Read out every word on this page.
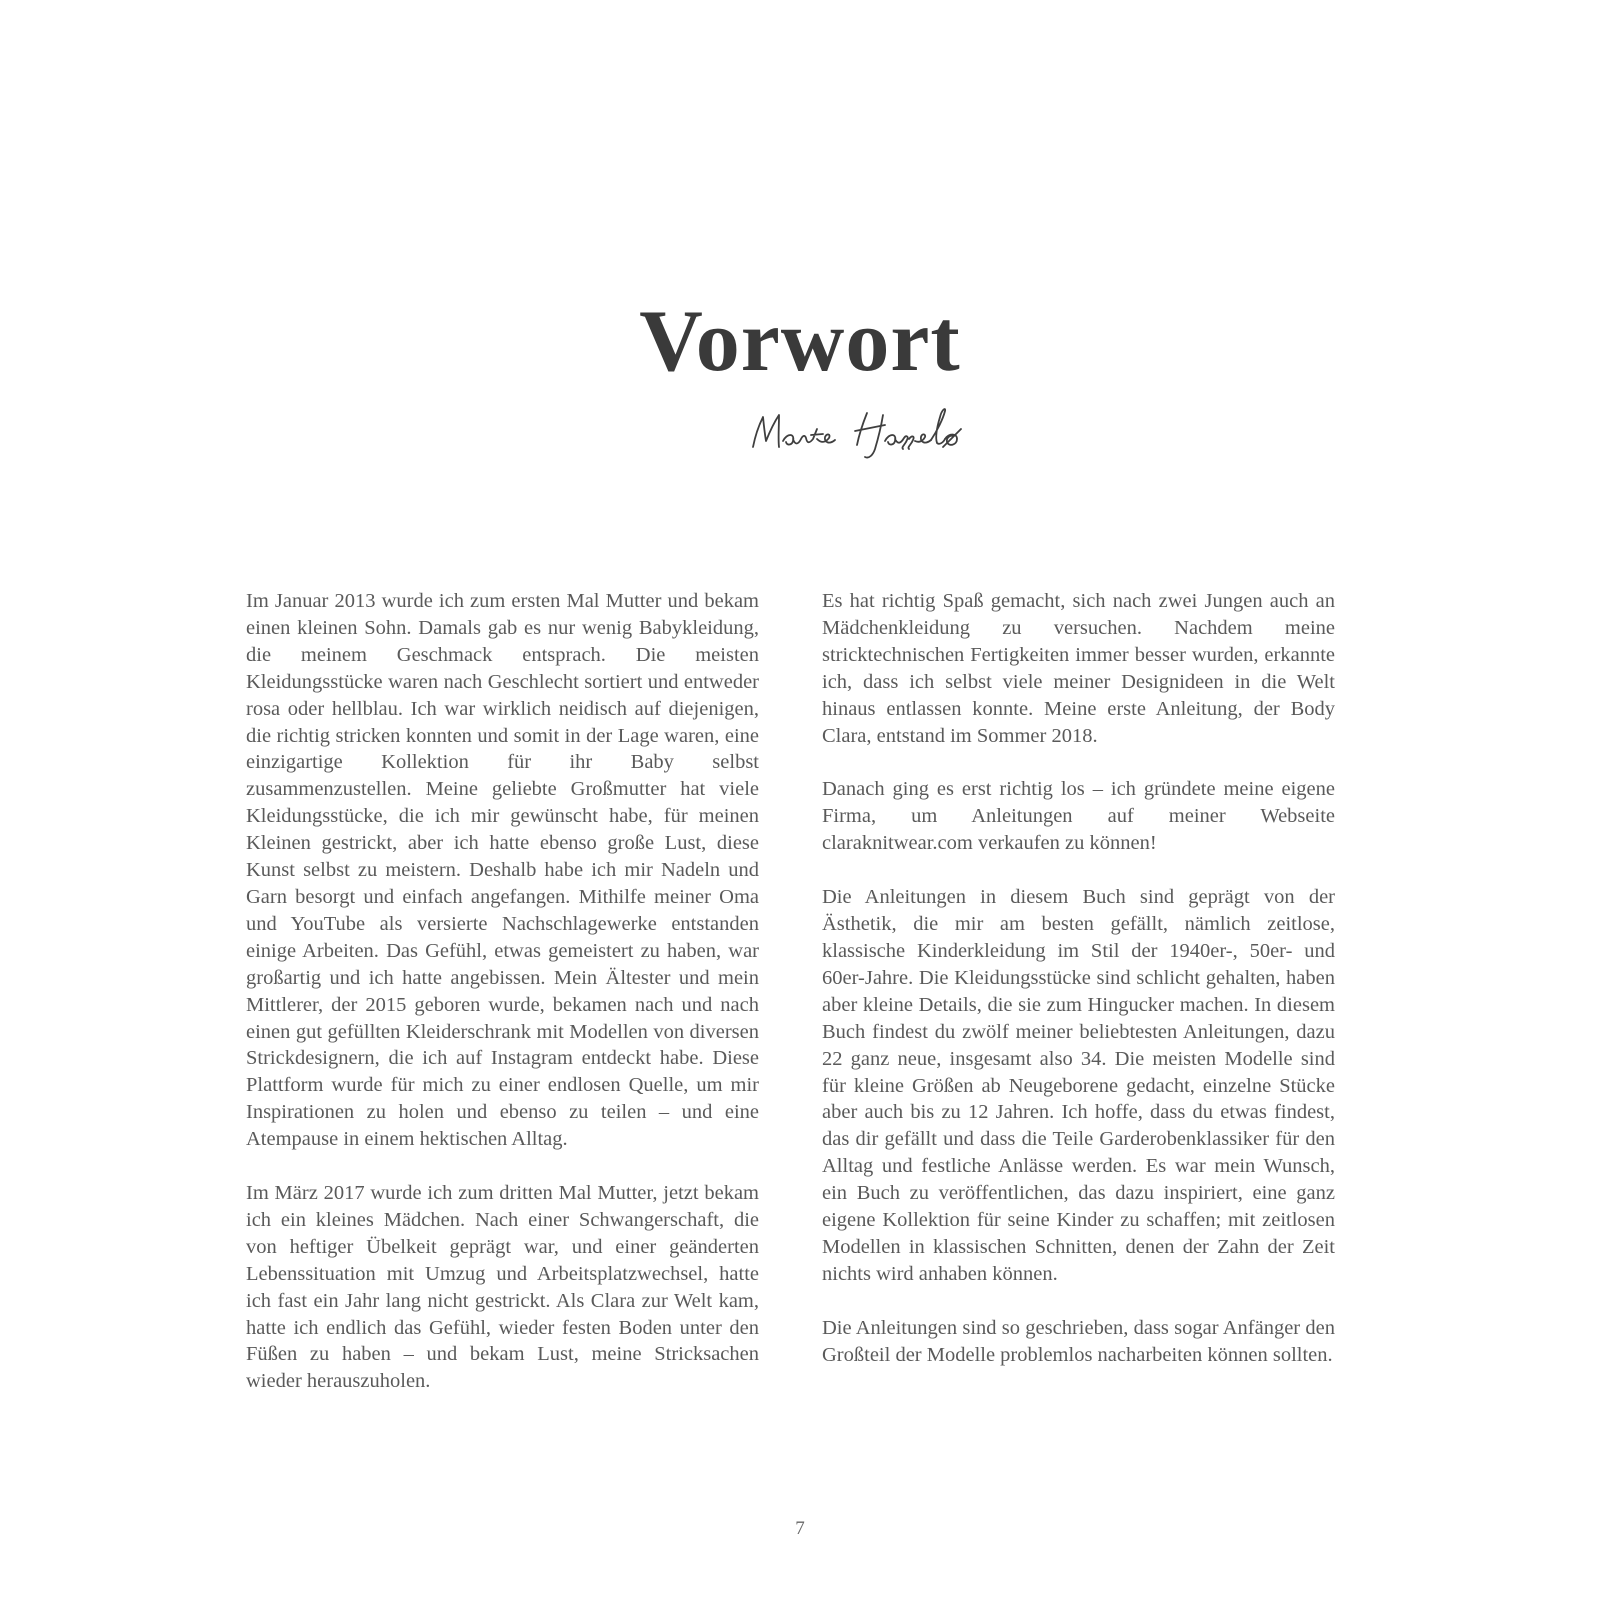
Vorwort

Im Januar 2013 wurde ich zum ersten Mal Mutter und bekam einen kleinen Sohn. Damals gab es nur wenig Babykleidung, die meinem Geschmack entsprach. Die meisten Kleidungsstücke waren nach Geschlecht sortiert und entweder rosa oder hellblau. Ich war wirklich neidisch auf diejenigen, die richtig stricken konnten und somit in der Lage waren, eine einzigartige Kollektion für ihr Baby selbst zusammenzustellen. Meine geliebte Großmutter hat viele Kleidungsstücke, die ich mir gewünscht habe, für meinen Kleinen gestrickt, aber ich hatte ebenso große Lust, diese Kunst selbst zu meistern. Deshalb habe ich mir Nadeln und Garn besorgt und einfach angefangen. Mithilfe meiner Oma und YouTube als versierte Nachschlagewerke entstanden einige Arbeiten. Das Gefühl, etwas gemeistert zu haben, war großartig und ich hatte angebissen. Mein Ältester und mein Mittlerer, der 2015 geboren wurde, bekamen nach und nach einen gut gefüllten Kleiderschrank mit Modellen von diversen Strickdesignern, die ich auf Instagram entdeckt habe. Diese Plattform wurde für mich zu einer endlosen Quelle, um mir Inspirationen zu holen und ebenso zu teilen – und eine Atempause in einem hektischen Alltag.

Im März 2017 wurde ich zum dritten Mal Mutter, jetzt bekam ich ein kleines Mädchen. Nach einer Schwangerschaft, die von heftiger Übelkeit geprägt war, und einer geänderten Lebenssituation mit Umzug und Arbeitsplatzwechsel, hatte ich fast ein Jahr lang nicht gestrickt. Als Clara zur Welt kam, hatte ich endlich das Gefühl, wieder festen Boden unter den Füßen zu haben – und bekam Lust, meine Stricksachen wieder herauszuholen.

Es hat richtig Spaß gemacht, sich nach zwei Jungen auch an Mädchenkleidung zu versuchen. Nachdem meine stricktechnischen Fertigkeiten immer besser wurden, erkannte ich, dass ich selbst viele meiner Designideen in die Welt hinaus entlassen konnte. Meine erste Anleitung, der Body Clara, entstand im Sommer 2018.

Danach ging es erst richtig los – ich gründete meine eigene Firma, um Anleitungen auf meiner Webseite claraknitwear.com verkaufen zu können!

Die Anleitungen in diesem Buch sind geprägt von der Ästhetik, die mir am besten gefällt, nämlich zeitlose, klassische Kinderkleidung im Stil der 1940er-, 50er- und 60er-Jahre. Die Kleidungsstücke sind schlicht gehalten, haben aber kleine Details, die sie zum Hingucker machen. In diesem Buch findest du zwölf meiner beliebtesten Anleitungen, dazu 22 ganz neue, insgesamt also 34. Die meisten Modelle sind für kleine Größen ab Neugeborene gedacht, einzelne Stücke aber auch bis zu 12 Jahren. Ich hoffe, dass du etwas findest, das dir gefällt und dass die Teile Garderobenklassiker für den Alltag und festliche Anlässe werden. Es war mein Wunsch, ein Buch zu veröffentlichen, das dazu inspiriert, eine ganz eigene Kollektion für seine Kinder zu schaffen; mit zeitlosen Modellen in klassischen Schnitten, denen der Zahn der Zeit nichts wird anhaben können.

Die Anleitungen sind so geschrieben, dass sogar Anfänger den Großteil der Modelle problemlos nacharbeiten können sollten.

7
